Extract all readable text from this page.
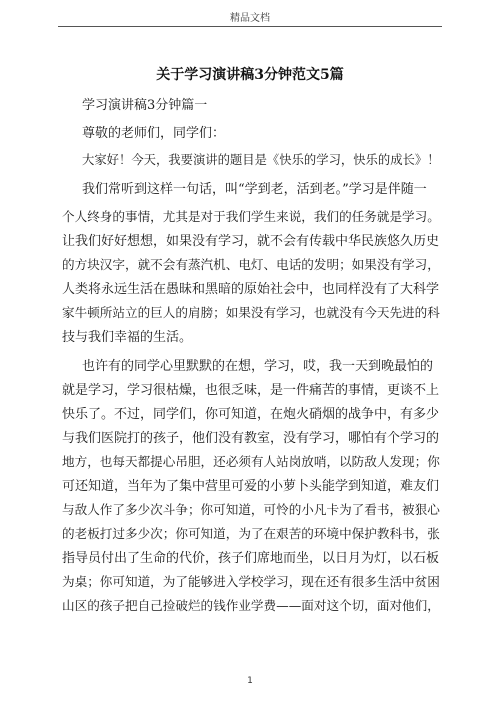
精品文档
关于学习演讲稿3分钟范文5篇
学习演讲稿3分钟篇一
尊敬的老师们，同学们：
大家好！今天，我要演讲的题目是《快乐的学习，快乐的成长》！
我们常听到这样一句话，叫“学到老，活到老。”学习是伴随一
个人终身的事情，尤其是对于我们学生来说，我们的任务就是学习。
让我们好好想想，如果没有学习，就不会有传载中华民族悠久历史
的方块汉字，就不会有蒸汽机、电灯、电话的发明；如果没有学习，
人类将永远生活在愚昧和黑暗的原始社会中，也同样没有了大科学
家牛顿所站立的巨人的肩膀；如果没有学习，也就没有今天先进的科
技与我们幸福的生活。
也许有的同学心里默默的在想，学习，哎，我一天到晚最怕的
就是学习，学习很枯燥，也很乏味，是一件痛苦的事情，更谈不上
快乐了。不过，同学们，你可知道，在炮火硝烟的战争中，有多少
与我们医院打的孩子，他们没有教室，没有学习，哪怕有个学习的
地方，也每天都提心吊胆，还必须有人站岗放哨，以防敌人发现；你
可还知道，当年为了集中营里可爱的小萝卜头能学到知道，难友们
与敌人作了多少次斗争；你可知道，可怜的小凡卡为了看书，被狠心
的老板打过多少次；你可知道，为了在艰苦的环境中保护教科书，张
指导员付出了生命的代价，孩子们席地而坐，以日月为灯，以石板
为桌；你可知道，为了能够进入学校学习，现在还有很多生活中贫困
山区的孩子把自己捡破烂的钱作业学费——面对这个切，面对他们，
1
